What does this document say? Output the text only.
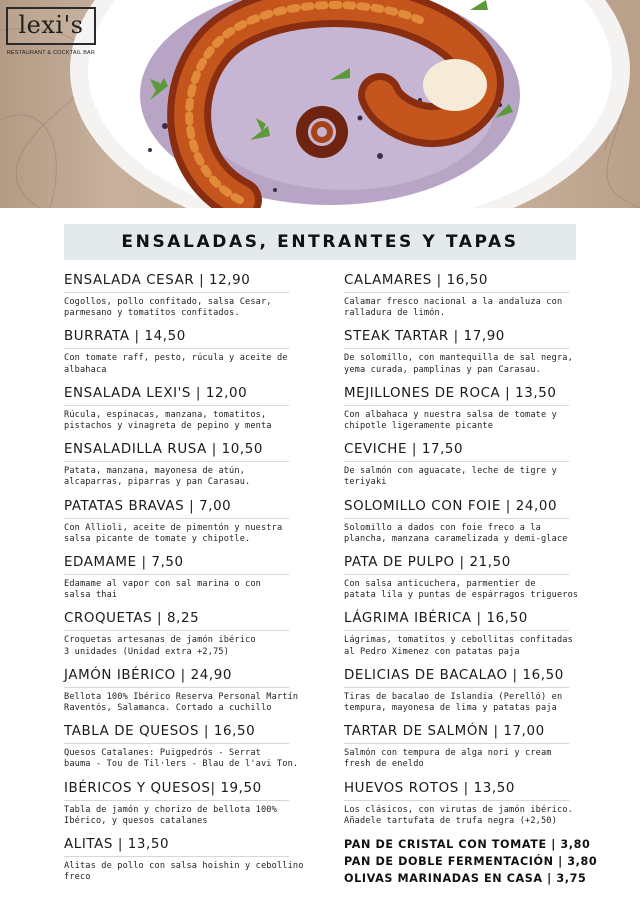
lexi's
RESTAURANT & COCKTAIL BAR
ENSALADAS, ENTRANTES Y TAPAS
ENSALADA CESAR | 12,90
Cogollos, pollo confitado, salsa Cesar,
parmesano y tomatitos confitados.
BURRATA | 14,50
Con tomate raff, pesto, rúcula y aceite de
albahaca
ENSALADA LEXI'S | 12,00
Rúcula, espinacas, manzana, tomatitos,
pistachos y vinagreta de pepino y menta
ENSALADILLA RUSA | 10,50
Patata, manzana, mayonesa de atún,
alcaparras, piparras y pan Carasau.
PATATAS BRAVAS | 7,00
Con Allioli, aceite de pimentón y nuestra
salsa picante de tomate y chipotle.
EDAMAME | 7,50
Edamame al vapor con sal marina o con
salsa thai
CROQUETAS | 8,25
Croquetas artesanas de jamón ibérico
3 unidades (Unidad extra +2,75)
JAMÓN IBÉRICO | 24,90
Bellota 100% Ibérico Reserva Personal Martín
Raventós, Salamanca. Cortado a cuchillo
TABLA DE QUESOS | 16,50
Quesos Catalanes: Puigpedrós - Serrat
bauma - Tou de Til·lers - Blau de l'avi Ton.
IBÉRICOS Y QUESOS| 19,50
Tabla de jamón y chorizo de bellota 100%
Ibérico, y quesos catalanes
ALITAS | 13,50
Alitas de pollo con salsa hoishin y cebollino
freco
CALAMARES | 16,50
Calamar fresco nacional a la andaluza con
ralladura de limón.
STEAK TARTAR | 17,90
De solomillo, con mantequilla de sal negra,
yema curada, pamplinas y pan Carasau.
MEJILLONES DE ROCA | 13,50
Con albahaca y nuestra salsa de tomate y
chipotle ligeramente picante
CEVICHE | 17,50
De salmón con aguacate, leche de tigre y
teriyaki
SOLOMILLO CON FOIE | 24,00
Solomillo a dados con foie freco a la
plancha, manzana caramelizada y demi-glace
PATA DE PULPO | 21,50
Con salsa anticuchera, parmentier de
patata lila y puntas de espárragos trigueros
LÁGRIMA IBÉRICA | 16,50
Lágrimas, tomatitos y cebollitas confitadas
al Pedro Ximenez con patatas paja
DELICIAS DE BACALAO | 16,50
Tiras de bacalao de Islandia (Perelló) en
tempura, mayonesa de lima y patatas paja
TARTAR DE SALMÓN | 17,00
Salmón con tempura de alga nori y cream
fresh de eneldo
HUEVOS ROTOS | 13,50
Los clásicos, con virutas de jamón ibérico.
Añadele tartufata de trufa negra (+2,50)
PAN DE CRISTAL CON TOMATE | 3,80
PAN DE DOBLE FERMENTACIÓN | 3,80
OLIVAS MARINADAS EN CASA | 3,75
